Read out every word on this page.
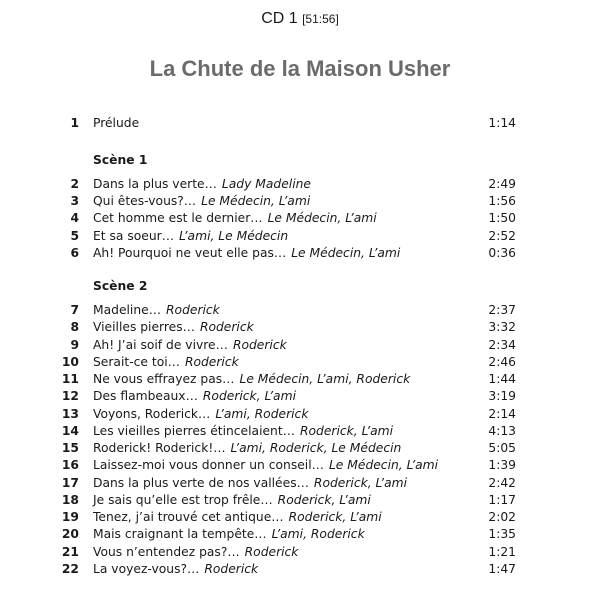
CD 1 [51:56]
La Chute de la Maison Usher
1 Prélude	1:14
Scène 1
2 Dans la plus verte… Lady Madeline	2:49
3 Qui êtes-vous?… Le Médecin, L’ami	1:56
4 Cet homme est le dernier… Le Médecin, L’ami	1:50
5 Et sa soeur… L’ami, Le Médecin	2:52
6 Ah! Pourquoi ne veut elle pas… Le Médecin, L’ami	0:36
Scène 2
7 Madeline… Roderick	2:37
8 Vieilles pierres… Roderick	3:32
9 Ah! J’ai soif de vivre… Roderick	2:34
10 Serait-ce toi… Roderick	2:46
11 Ne vous effrayez pas… Le Médecin, L’ami, Roderick	1:44
12 Des flambeaux… Roderick, L’ami	3:19
13 Voyons, Roderick… L’ami, Roderick	2:14
14 Les vieilles pierres étincelaient… Roderick, L’ami	4:13
15 Roderick! Roderick!… L’ami, Roderick, Le Médecin	5:05
16 Laissez-moi vous donner un conseil… Le Médecin, L’ami	1:39
17 Dans la plus verte de nos vallées… Roderick, L’ami	2:42
18 Je sais qu’elle est trop frêle… Roderick, L’ami	1:17
19 Tenez, j’ai trouvé cet antique… Roderick, L’ami	2:02
20 Mais craignant la tempête… L’ami, Roderick	1:35
21 Vous n’entendez pas?… Roderick	1:21
22 La voyez-vous?… Roderick	1:47
